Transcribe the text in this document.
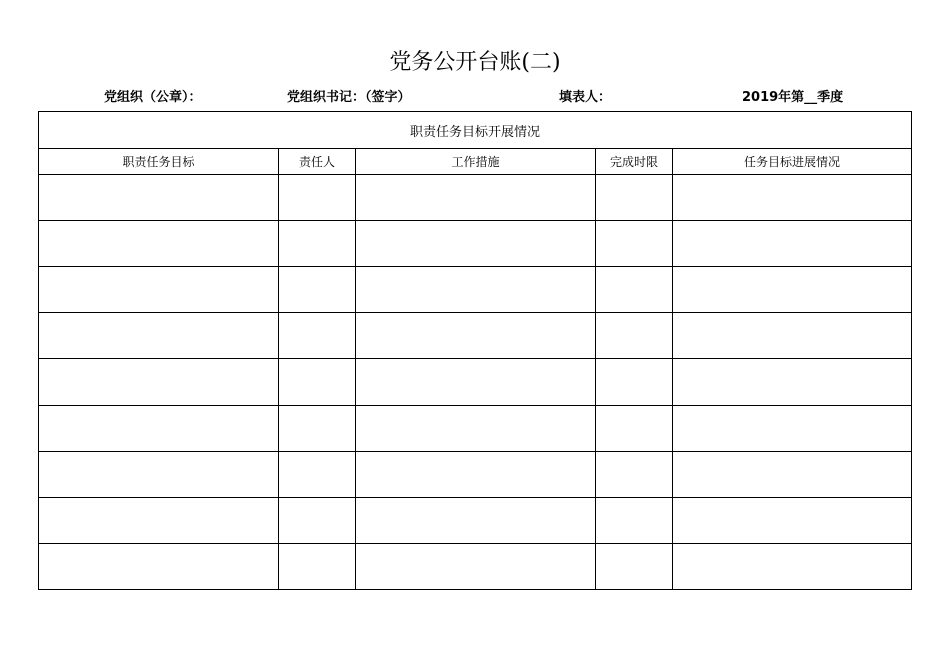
党务公开台账(二)
党组织（公章）：	党组织书记：（签字）	填表人：	2019年第__季度
职责任务目标开展情况				
职责任务目标	责任人	工作措施	完成时限	任务目标进展情况
